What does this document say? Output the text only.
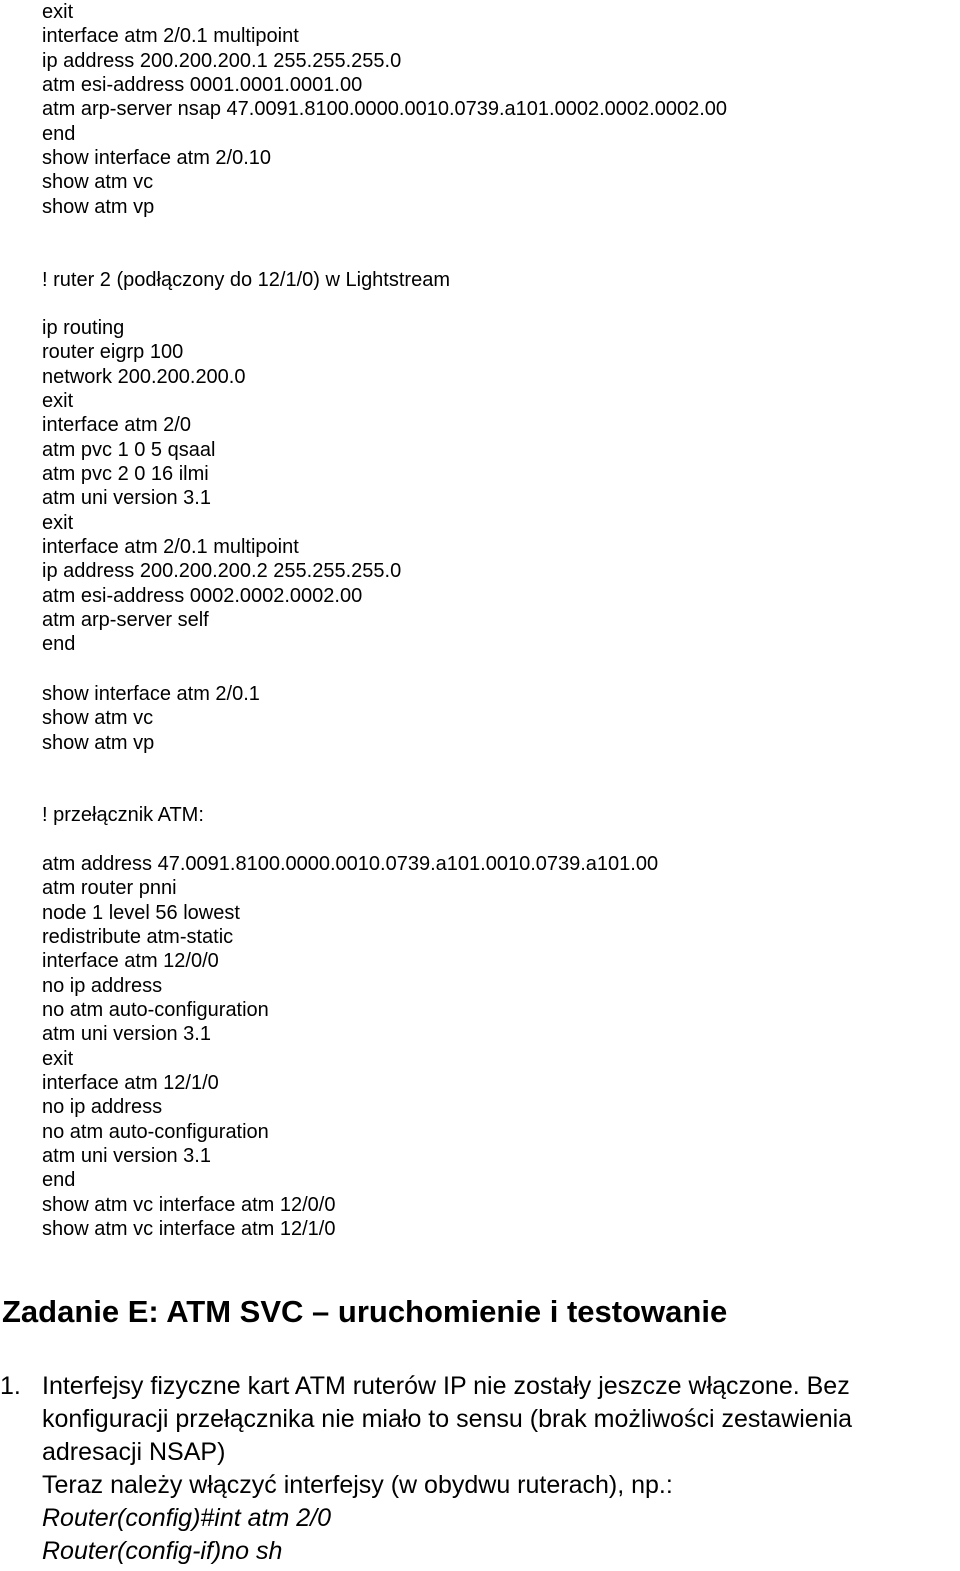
exit
interface atm 2/0.1 multipoint
ip address 200.200.200.1 255.255.255.0
atm esi-address 0001.0001.0001.00
atm arp-server nsap 47.0091.8100.0000.0010.0739.a101.0002.0002.0002.00
end
show interface atm 2/0.10
show atm vc
show atm vp
! ruter 2 (podłączony do 12/1/0) w Lightstream
ip routing
router eigrp 100
network 200.200.200.0
exit
interface atm 2/0
atm pvc 1 0 5 qsaal
atm pvc 2 0 16 ilmi
atm uni version 3.1
exit
interface atm 2/0.1 multipoint
ip address 200.200.200.2 255.255.255.0
atm esi-address 0002.0002.0002.00
atm arp-server self
end
show interface atm 2/0.1
show atm vc
show atm vp
! przełącznik ATM:
atm address 47.0091.8100.0000.0010.0739.a101.0010.0739.a101.00
atm router pnni
node 1 level 56 lowest
redistribute atm-static
interface atm 12/0/0
no ip address
no atm auto-configuration
atm uni version 3.1
exit
interface atm 12/1/0
no ip address
no atm auto-configuration
atm uni version 3.1
end
show atm vc interface atm 12/0/0
show atm vc interface atm 12/1/0
Zadanie E: ATM SVC – uruchomienie i testowanie
1. Interfejsy fizyczne kart ATM ruterów IP nie zostały jeszcze włączone. Bez
konfiguracji przełącznika nie miało to sensu (brak możliwości zestawienia
adresacji NSAP)
Teraz należy włączyć interfejsy (w obydwu ruterach), np.:
Router(config)#int atm 2/0
Router(config-if)no sh
